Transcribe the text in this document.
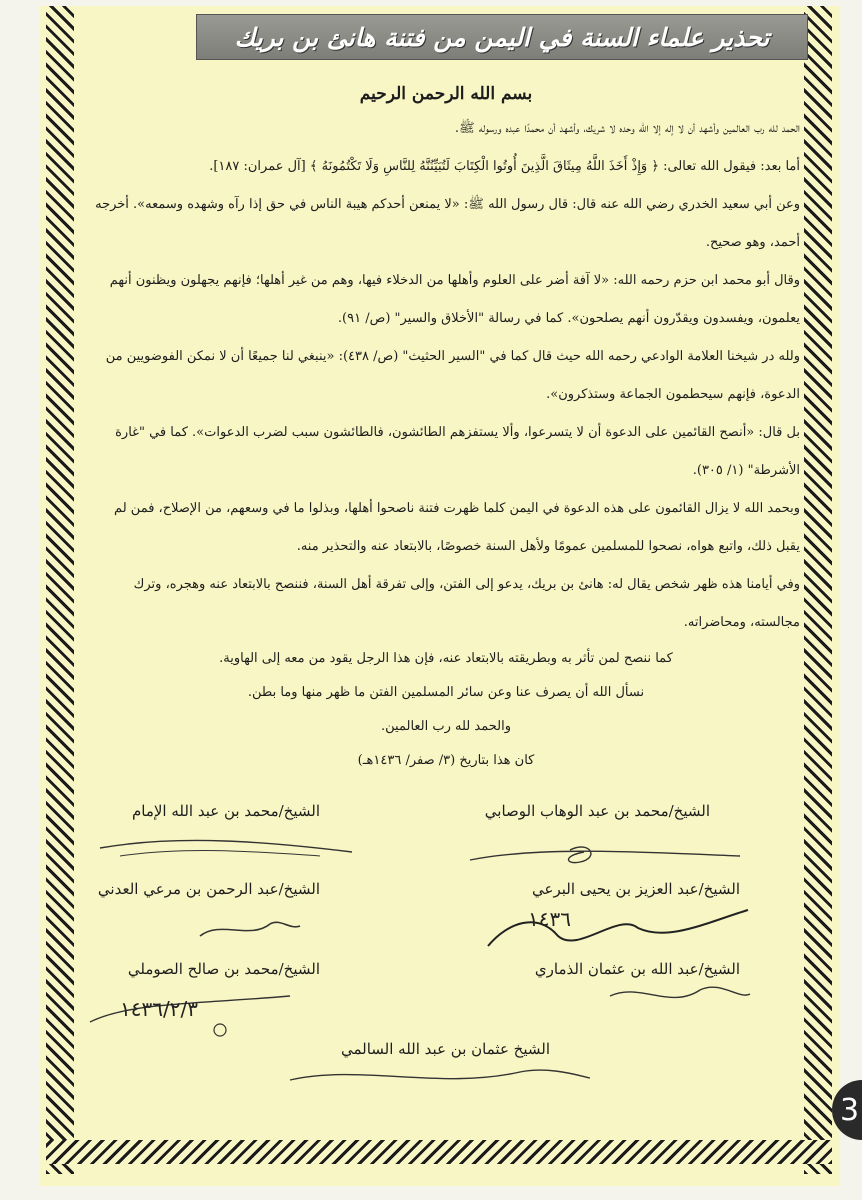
تحذير علماء السنة في اليمن من فتنة هانئ بن بريك
بسم الله الرحمن الرحيم

الحمد لله رب العالمين وأشهد أن لا إله إلا الله وحده لا شريك، وأشهد أن محمدًا عبده ورسوله ﷺ.

أما بعد: فيقول الله تعالى: ﴿ وَإِذْ أَخَذَ اللَّهُ مِيثَاقَ الَّذِينَ أُوتُوا الْكِتَابَ لَتُبَيِّنُنَّهُ لِلنَّاسِ وَلَا تَكْتُمُونَهُ ﴾ [آل عمران: ١٨٧].

وعن أبي سعيد الخدري رضي الله عنه قال: قال رسول الله ﷺ: «لا يمنعن أحدكم هيبة الناس في حق إذا رآه وشهده وسمعه». أخرجه أحمد، وهو صحيح.

وقال أبو محمد ابن حزم رحمه الله: «لا آفة أضر على العلوم وأهلها من الدخلاء فيها، وهم من غير أهلها؛ فإنهم يجهلون ويظنون أنهم يعلمون، ويفسدون ويقدّرون أنهم يصلحون». كما في رسالة "الأخلاق والسير" (ص/ ٩١).

ولله در شيخنا العلامة الوادعي رحمه الله حيث قال كما في "السير الحثيث" (ص/ ٤٣٨): «ينبغي لنا جميعًا أن لا نمكن الفوضويين من الدعوة، فإنهم سيحطمون الجماعة وستذكرون».

بل قال: «أنصح القائمين على الدعوة أن لا يتسرعوا، وألا يستفزهم الطائشون، فالطائشون سبب لضرب الدعوات». كما في "غارة الأشرطة" (١/ ٣٠٥).

وبحمد الله لا يزال القائمون على هذه الدعوة في اليمن كلما ظهرت فتنة ناصحوا أهلها، وبذلوا ما في وسعهم، من الإصلاح، فمن لم يقبل ذلك، واتبع هواه، نصحوا للمسلمين عمومًا ولأهل السنة خصوصًا، بالابتعاد عنه والتحذير منه.

وفي أيامنا هذه ظهر شخص يقال له: هانئ بن بريك، يدعو إلى الفتن، وإلى تفرقة أهل السنة، فننصح بالابتعاد عنه وهجره، وترك مجالسته، ومحاضراته.

كما ننصح لمن تأثر به وبطريقته بالابتعاد عنه، فإن هذا الرجل يقود من معه إلى الهاوية.

نسأل الله أن يصرف عنا وعن سائر المسلمين الفتن ما ظهر منها وما بطن.

والحمد لله رب العالمين.

كان هذا بتاريخ (٣/ صفر/ ١٤٣٦هـ)

الشيخ/محمد بن عبد الوهاب الوصابي
الشيخ/محمد بن عبد الله الإمام
الشيخ/عبد العزيز بن يحيى البرعي
الشيخ/عبد الرحمن بن مرعي العدني
الشيخ/عبد الله بن عثمان الذماري
الشيخ/محمد بن صالح الصوملي
الشيخ عثمان بن عبد الله السالمي
١٤٣٦
١٤٣٦/٢/٣
3
